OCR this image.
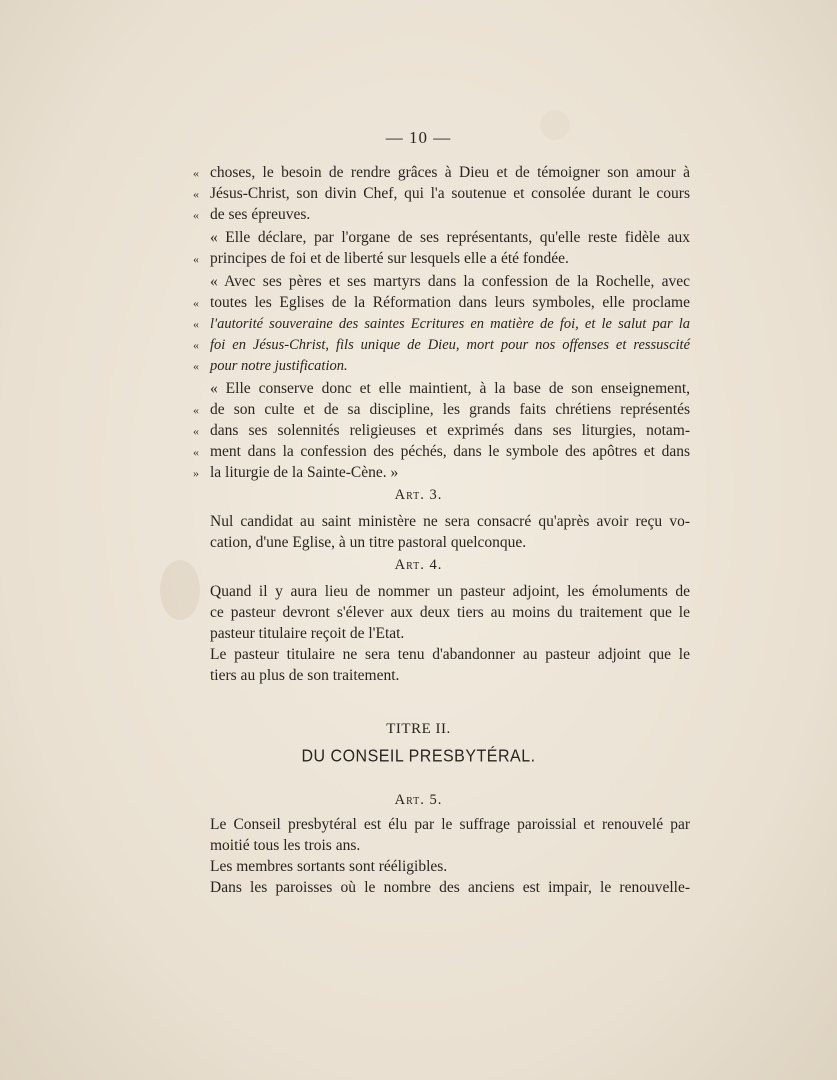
— 10 —
« choses, le besoin de rendre grâces à Dieu et de témoigner son amour à
« Jésus-Christ, son divin Chef, qui l'a soutenue et consolée durant le cours
« de ses épreuves.
« Elle déclare, par l'organe de ses représentants, qu'elle reste fidèle aux
« principes de foi et de liberté sur lesquels elle a été fondée.
« Avec ses pères et ses martyrs dans la confession de la Rochelle, avec
« toutes les Eglises de la Réformation dans leurs symboles, elle proclame
« l'autorité souveraine des saintes Ecritures en matière de foi, et le salut par la
« foi en Jésus-Christ, fils unique de Dieu, mort pour nos offenses et ressuscité
« pour notre justification.
« Elle conserve donc et elle maintient, à la base de son enseignement,
« de son culte et de sa discipline, les grands faits chrétiens représentés
« dans ses solennités religieuses et exprimés dans ses liturgies, notam-
« ment dans la confession des péchés, dans le symbole des apôtres et dans
» la liturgie de la Sainte-Cène. »
Art. 3.
Nul candidat au saint ministère ne sera consacré qu'après avoir reçu vo-
cation, d'une Eglise, à un titre pastoral quelconque.
Art. 4.
Quand il y aura lieu de nommer un pasteur adjoint, les émoluments de
ce pasteur devront s'élever aux deux tiers au moins du traitement que le
pasteur titulaire reçoit de l'Etat.
Le pasteur titulaire ne sera tenu d'abandonner au pasteur adjoint que le
tiers au plus de son traitement.
TITRE II.
DU CONSEIL PRESBYTÉRAL.
Art. 5.
Le Conseil presbytéral est élu par le suffrage paroissial et renouvelé par
moitié tous les trois ans.
Les membres sortants sont rééligibles.
Dans les paroisses où le nombre des anciens est impair, le renouvelle-
